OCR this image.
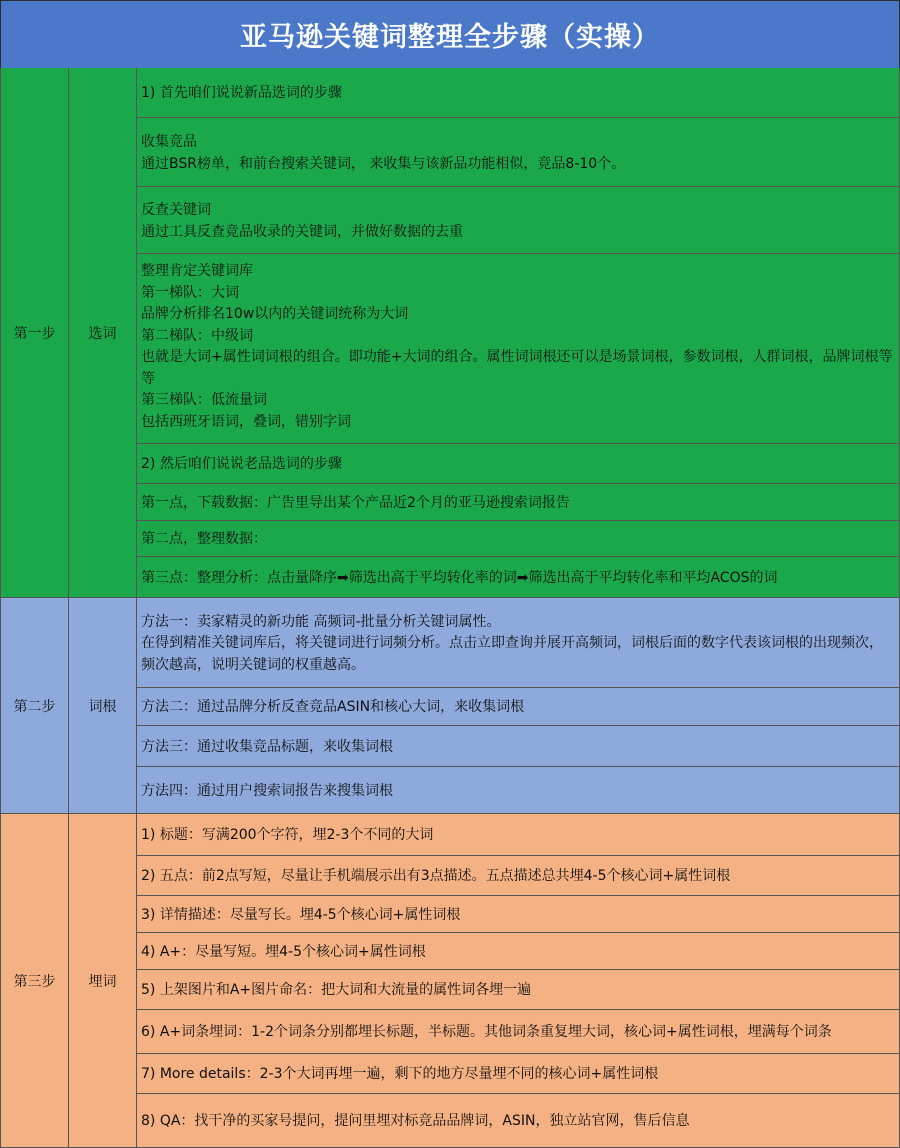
亚马逊关键词整理全步骤（实操）
第一步	选词
1) 首先咱们说说新品选词的步骤
收集竞品
通过BSR榜单，和前台搜索关键词， 来收集与该新品功能相似，竞品8-10个。
反查关键词
通过工具反查竞品收录的关键词，并做好数据的去重
整理肯定关键词库
第一梯队：大词
品牌分析排名10w以内的关键词统称为大词
第二梯队：中级词
也就是大词+属性词词根的组合。即功能+大词的组合。属性词词根还可以是场景词根，参数词根，人群词根，品牌词根等等
第三梯队：低流量词
包括西班牙语词，叠词，错别字词
2) 然后咱们说说老品选词的步骤
第一点，下载数据：广告里导出某个产品近2个月的亚马逊搜索词报告
第二点，整理数据：
第三点：整理分析：点击量降序➡筛选出高于平均转化率的词➡筛选出高于平均转化率和平均ACOS的词
第二步	词根
方法一：卖家精灵的新功能 高频词-批量分析关键词属性。
在得到精准关键词库后，将关键词进行词频分析。点击立即查询并展开高频词，词根后面的数字代表该词根的出现频次，频次越高，说明关键词的权重越高。
方法二：通过品牌分析反查竞品ASIN和核心大词，来收集词根
方法三：通过收集竞品标题，来收集词根
方法四：通过用户搜索词报告来搜集词根
第三步	埋词
1) 标题：写满200个字符，埋2-3个不同的大词
2) 五点：前2点写短，尽量让手机端展示出有3点描述。五点描述总共埋4-5个核心词+属性词根
3) 详情描述：尽量写长。埋4-5个核心词+属性词根
4) A+：尽量写短。埋4-5个核心词+属性词根
5) 上架图片和A+图片命名：把大词和大流量的属性词各埋一遍
6) A+词条埋词：1-2个词条分别都埋长标题，半标题。其他词条重复埋大词，核心词+属性词根，埋满每个词条
7) More details：2-3个大词再埋一遍，剩下的地方尽量埋不同的核心词+属性词根
8) QA：找干净的买家号提问，提问里埋对标竞品品牌词，ASIN，独立站官网，售后信息
